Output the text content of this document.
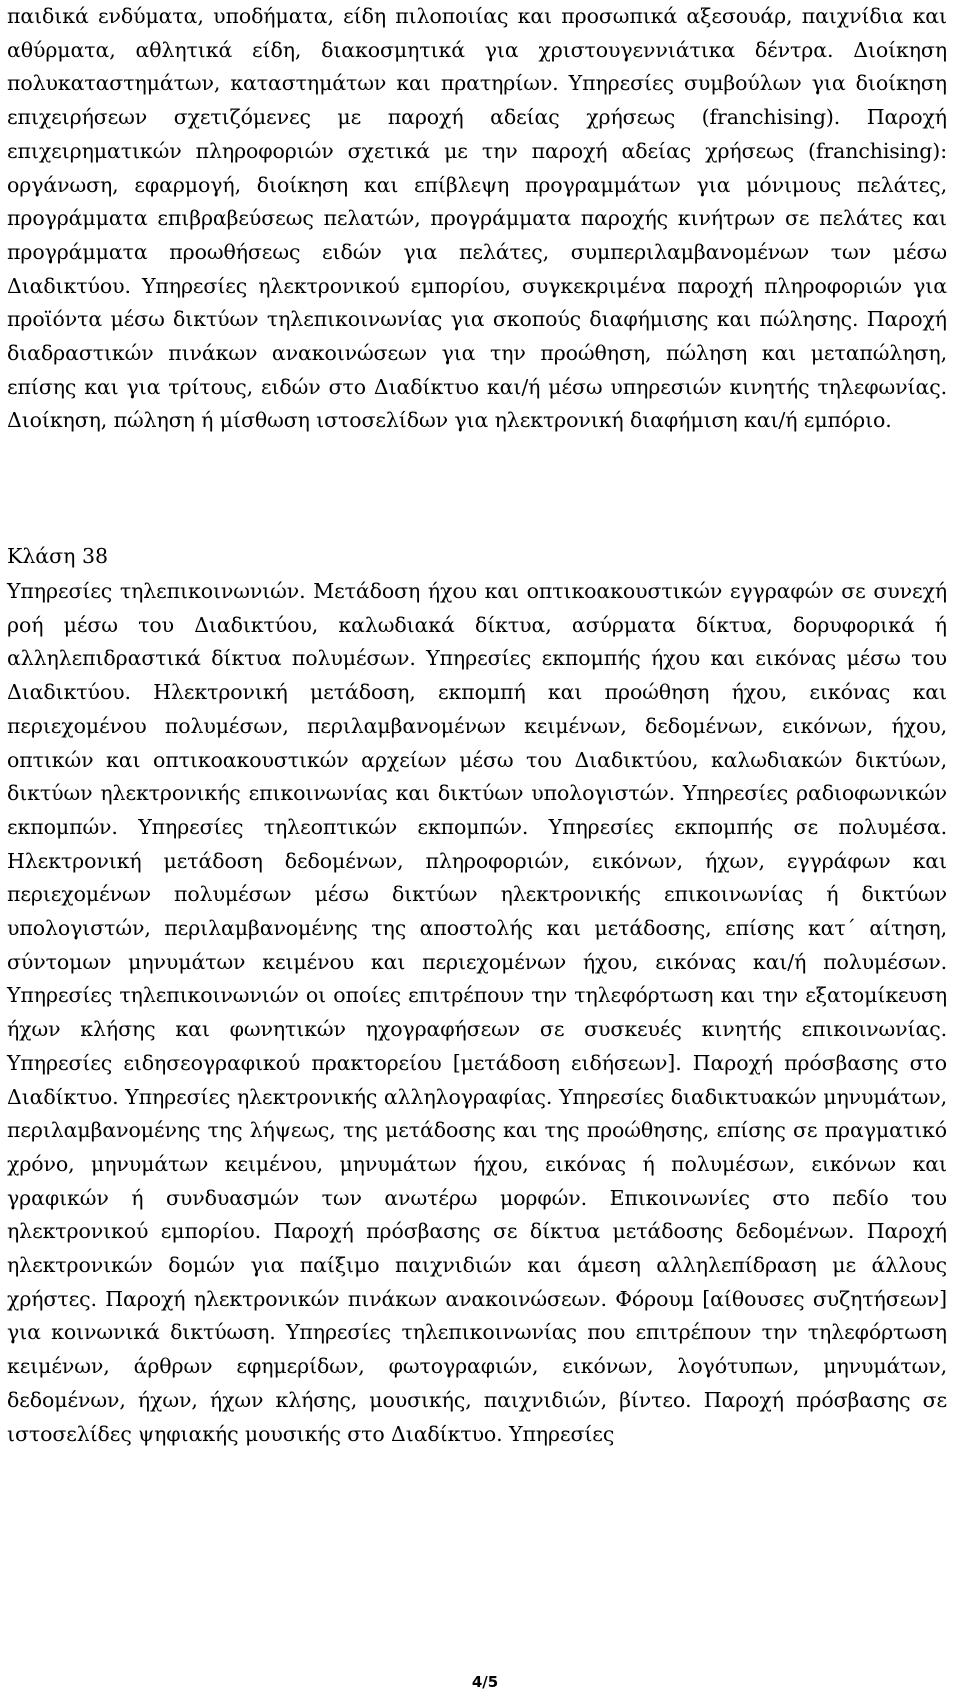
παιδικά ενδύματα, υποδήματα, είδη πιλοποιίας και προσωπικά αξεσουάρ, παιχνίδια και αθύρματα, αθλητικά είδη, διακοσμητικά για χριστουγεννιάτικα δέντρα. Διοίκηση πολυκαταστημάτων, καταστημάτων και πρατηρίων. Υπηρεσίες συμβούλων για διοίκηση επιχειρήσεων σχετιζόμενες με παροχή αδείας χρήσεως (franchising). Παροχή επιχειρηματικών πληροφοριών σχετικά με την παροχή αδείας χρήσεως (franchising): οργάνωση, εφαρμογή, διοίκηση και επίβλεψη προγραμμάτων για μόνιμους πελάτες, προγράμματα επιβραβεύσεως πελατών, προγράμματα παροχής κινήτρων σε πελάτες και προγράμματα προωθήσεως ειδών για πελάτες, συμπεριλαμβανομένων των μέσω Διαδικτύου. Υπηρεσίες ηλεκτρονικού εμπορίου, συγκεκριμένα παροχή πληροφοριών για προϊόντα μέσω δικτύων τηλεπικοινωνίας για σκοπούς διαφήμισης και πώλησης. Παροχή διαδραστικών πινάκων ανακοινώσεων για την προώθηση, πώληση και μεταπώληση, επίσης και για τρίτους, ειδών στο Διαδίκτυο και/ή μέσω υπηρεσιών κινητής τηλεφωνίας. Διοίκηση, πώληση ή μίσθωση ιστοσελίδων για ηλεκτρονική διαφήμιση και/ή εμπόριο.

Κλάση 38

Υπηρεσίες τηλεπικοινωνιών. Μετάδοση ήχου και οπτικοακουστικών εγγραφών σε συνεχή ροή μέσω του Διαδικτύου, καλωδιακά δίκτυα, ασύρματα δίκτυα, δορυφορικά ή αλληλεπιδραστικά δίκτυα πολυμέσων. Υπηρεσίες εκπομπής ήχου και εικόνας μέσω του Διαδικτύου. Ηλεκτρονική μετάδοση, εκπομπή και προώθηση ήχου, εικόνας και περιεχομένου πολυμέσων, περιλαμβανομένων κειμένων, δεδομένων, εικόνων, ήχου, οπτικών και οπτικοακουστικών αρχείων μέσω του Διαδικτύου, καλωδιακών δικτύων, δικτύων ηλεκτρονικής επικοινωνίας και δικτύων υπολογιστών. Υπηρεσίες ραδιοφωνικών εκπομπών. Υπηρεσίες τηλεοπτικών εκπομπών. Υπηρεσίες εκπομπής σε πολυμέσα. Ηλεκτρονική μετάδοση δεδομένων, πληροφοριών, εικόνων, ήχων, εγγράφων και περιεχομένων πολυμέσων μέσω δικτύων ηλεκτρονικής επικοινωνίας ή δικτύων υπολογιστών, περιλαμβανομένης της αποστολής και μετάδοσης, επίσης κατ΄ αίτηση, σύντομων μηνυμάτων κειμένου και περιεχομένων ήχου, εικόνας και/ή πολυμέσων. Υπηρεσίες τηλεπικοινωνιών οι οποίες επιτρέπουν την τηλεφόρτωση και την εξατομίκευση ήχων κλήσης και φωνητικών ηχογραφήσεων σε συσκευές κινητής επικοινωνίας. Υπηρεσίες ειδησεογραφικού πρακτορείου [μετάδοση ειδήσεων]. Παροχή πρόσβασης στο Διαδίκτυο. Υπηρεσίες ηλεκτρονικής αλληλογραφίας. Υπηρεσίες διαδικτυακών μηνυμάτων, περιλαμβανομένης της λήψεως, της μετάδοσης και της προώθησης, επίσης σε πραγματικό χρόνο, μηνυμάτων κειμένου, μηνυμάτων ήχου, εικόνας ή πολυμέσων, εικόνων και γραφικών ή συνδυασμών των ανωτέρω μορφών. Επικοινωνίες στο πεδίο του ηλεκτρονικού εμπορίου. Παροχή πρόσβασης σε δίκτυα μετάδοσης δεδομένων. Παροχή ηλεκτρονικών δομών για παίξιμο παιχνιδιών και άμεση αλληλεπίδραση με άλλους χρήστες. Παροχή ηλεκτρονικών πινάκων ανακοινώσεων. Φόρουμ [αίθουσες συζητήσεων] για κοινωνικά δικτύωση. Υπηρεσίες τηλεπικοινωνίας που επιτρέπουν την τηλεφόρτωση κειμένων, άρθρων εφημερίδων, φωτογραφιών, εικόνων, λογότυπων, μηνυμάτων, δεδομένων, ήχων, ήχων κλήσης, μουσικής, παιχνιδιών, βίντεο. Παροχή πρόσβασης σε ιστοσελίδες ψηφιακής μουσικής στο Διαδίκτυο. Υπηρεσίες

4/5
